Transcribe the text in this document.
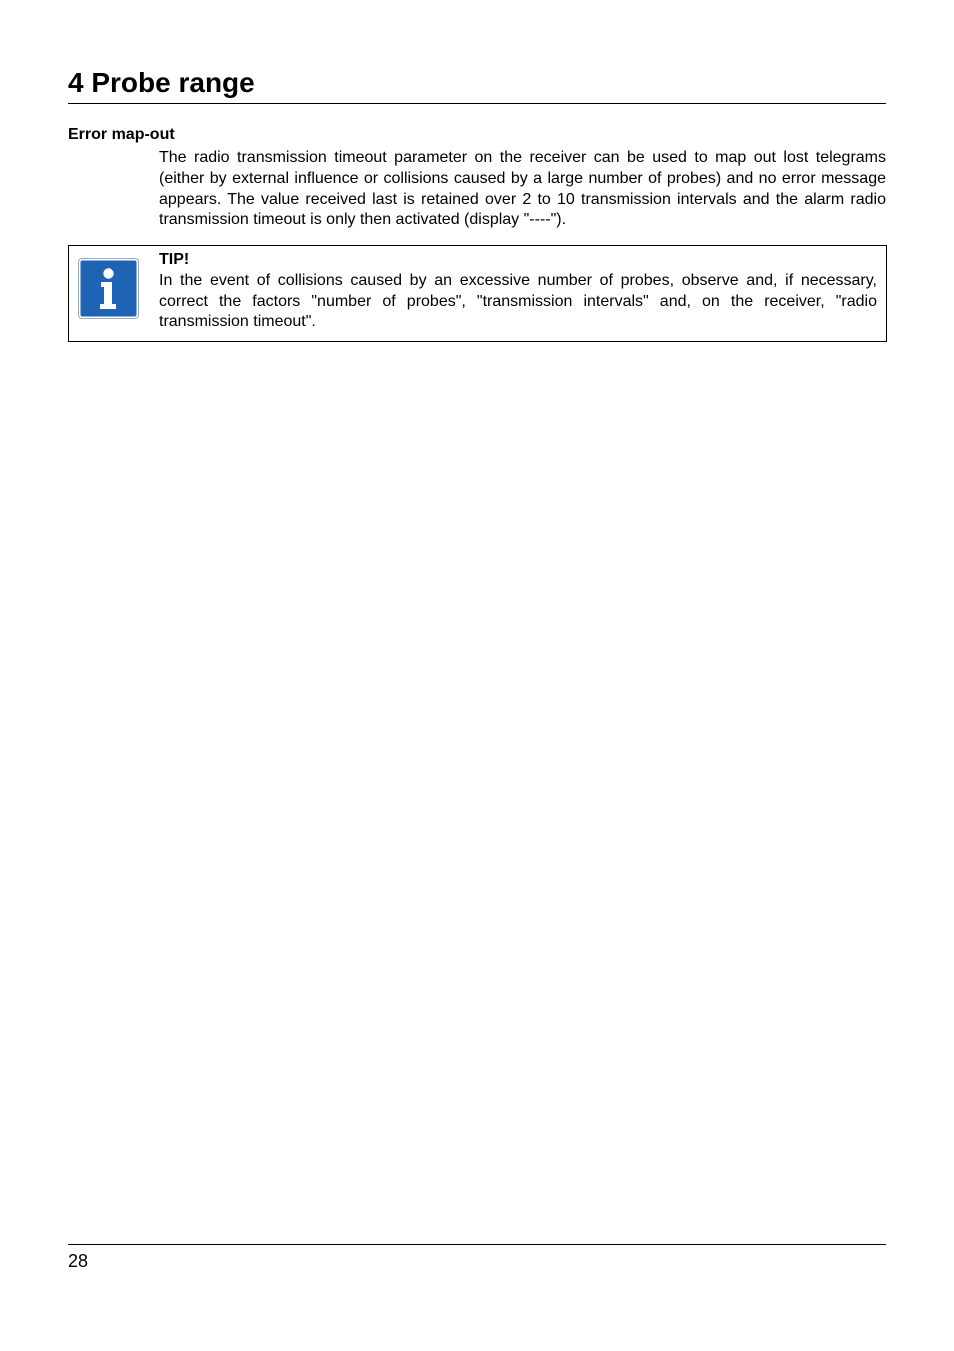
4 Probe range
Error map-out

The radio transmission timeout parameter on the receiver can be used to map out lost telegrams (either by external influence or collisions caused by a large number of probes) and no error message appears. The value received last is retained over 2 to 10 transmission intervals and the alarm radio transmission timeout is only then activated (display "----").

TIP!

In the event of collisions caused by an excessive number of probes, observe and, if necessary, correct the factors "number of probes", "transmission intervals" and, on the receiver, "radio transmission timeout".

28
